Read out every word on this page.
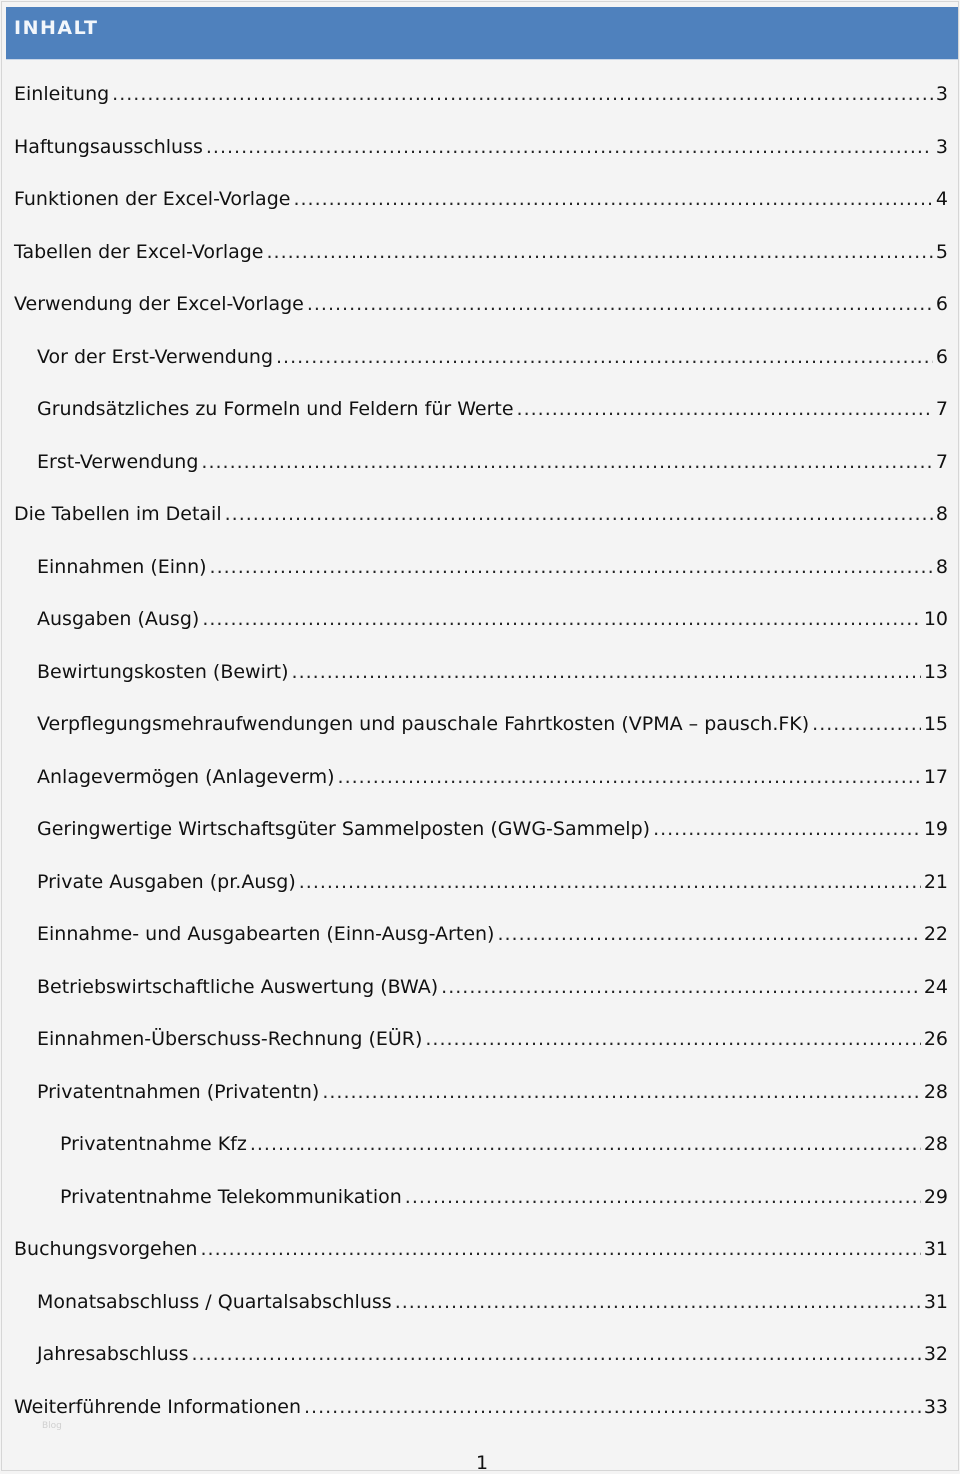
INHALT
Einleitung .....	3
Haftungsausschluss .....	3
Funktionen der Excel-Vorlage .....	4
Tabellen der Excel-Vorlage .....	5
Verwendung der Excel-Vorlage .....	6
Vor der Erst-Verwendung .....	6
Grundsätzliches zu Formeln und Feldern für Werte .....	7
Erst-Verwendung .....	7
Die Tabellen im Detail .....	8
Einnahmen (Einn) .....	8
Ausgaben (Ausg) .....	10
Bewirtungskosten (Bewirt) .....	13
Verpflegungsmehraufwendungen und pauschale Fahrtkosten (VPMA – pausch.FK) .....	15
Anlagevermögen (Anlageverm) .....	17
Geringwertige Wirtschaftsgüter Sammelposten (GWG-Sammelp) .....	19
Private Ausgaben (pr.Ausg) .....	21
Einnahme- und Ausgabearten (Einn-Ausg-Arten) .....	22
Betriebswirtschaftliche Auswertung (BWA) .....	24
Einnahmen-Überschuss-Rechnung (EÜR) .....	26
Privatentnahmen (Privatentn) .....	28
Privatentnahme Kfz .....	28
Privatentnahme Telekommunikation .....	29
Buchungsvorgehen .....	31
Monatsabschluss / Quartalsabschluss .....	31
Jahresabschluss .....	32
Weiterführende Informationen .....	33
Blog
1
